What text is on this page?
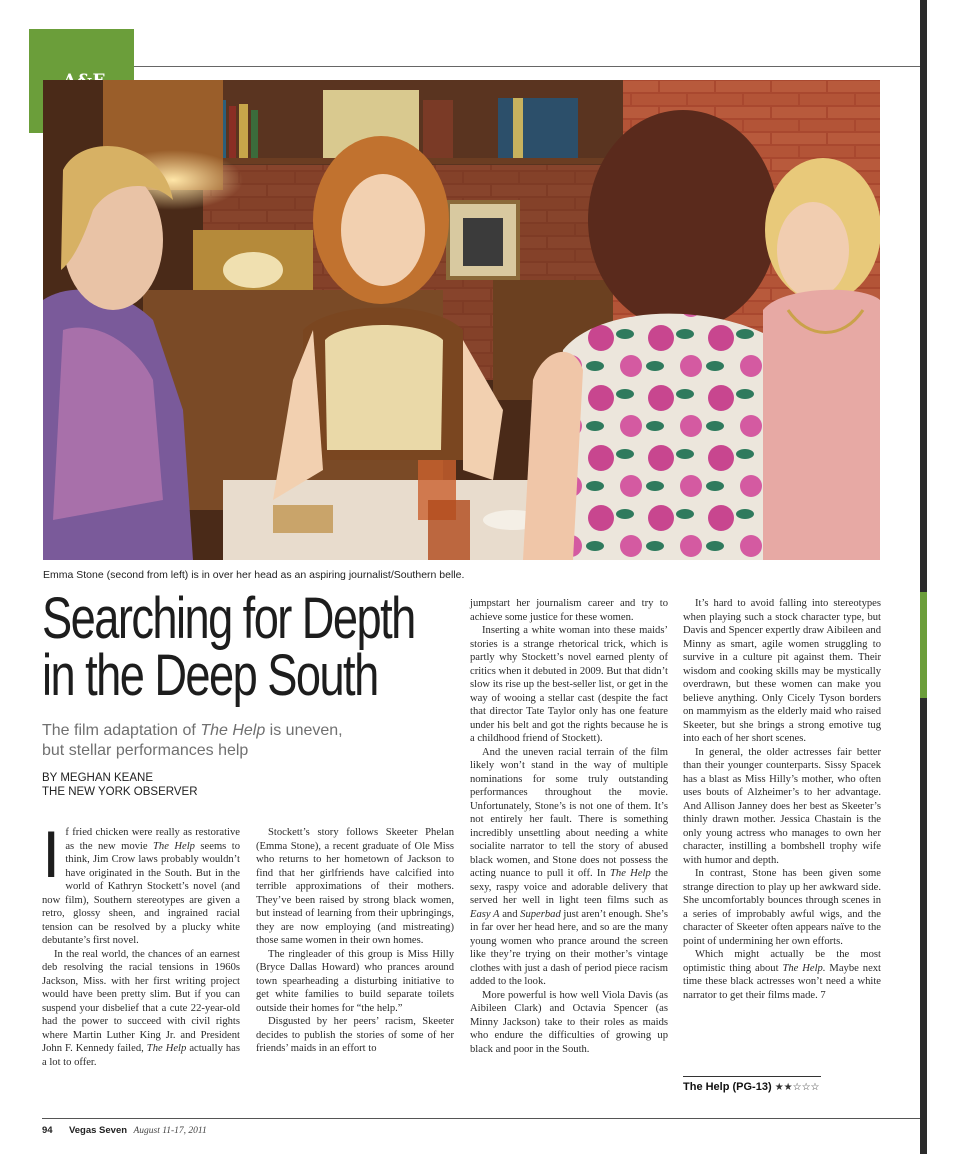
Emma Stone (second from left) is in over her head as an aspiring journalist/Southern belle.
Searching for Depth
in the Deep South
The film adaptation of The Help is uneven,
but stellar performances help
BY MEGHAN KEANE
THE NEW YORK OBSERVER

If fried chicken were really as restorative as the new movie The Help seems to think, Jim Crow laws probably wouldn’t have originated in the South. But in the world of Kathryn Stockett’s novel (and now film), Southern stereotypes are given a retro, glossy sheen, and ingrained racial tension can be resolved by a plucky white debutante’s first novel.

In the real world, the chances of an earnest deb resolving the racial tensions in 1960s Jackson, Miss. with her first writing project would have been pretty slim. But if you can suspend your disbelief that a cute 22-year-old had the power to succeed with civil rights where Martin Luther King Jr. and President John F. Kennedy failed, The Help actually has a lot to offer.

Stockett’s story follows Skeeter Phelan (Emma Stone), a recent graduate of Ole Miss who returns to her hometown of Jackson to find that her girlfriends have calcified into terrible approximations of their mothers. They’ve been raised by strong black women, but instead of learning from their upbringings, they are now employing (and mistreating) those same women in their own homes.

The ringleader of this group is Miss Hilly (Bryce Dallas Howard) who prances around town spearheading a disturbing initiative to get white families to build separate toilets outside their homes for “the help.”

Disgusted by her peers’ racism, Skeeter decides to publish the stories of some of her friends’ maids in an effort to

jumpstart her journalism career and try to achieve some justice for these women.

Inserting a white woman into these maids’ stories is a strange rhetorical trick, which is partly why Stockett’s novel earned plenty of critics when it debuted in 2009. But that didn’t slow its rise up the best-seller list, or get in the way of wooing a stellar cast (despite the fact that director Tate Taylor only has one feature under his belt and got the rights because he is a childhood friend of Stockett).

And the uneven racial terrain of the film likely won’t stand in the way of multiple nominations for some truly outstanding performances throughout the movie. Unfortunately, Stone’s is not one of them. It’s not entirely her fault. There is something incredibly unsettling about needing a white socialite narrator to tell the story of abused black women, and Stone does not possess the acting nuance to pull it off. In The Help the sexy, raspy voice and adorable delivery that served her well in light teen films such as Easy A and Superbad just aren’t enough. She’s in far over her head here, and so are the many young women who prance around the screen like they’re trying on their mother’s vintage clothes with just a dash of period piece racism added to the look.

More powerful is how well Viola Davis (as Aibileen Clark) and Octavia Spencer (as Minny Jackson) take to their roles as maids who endure the difficulties of growing up black and poor in the South.

It’s hard to avoid falling into stereotypes when playing such a stock character type, but Davis and Spencer expertly draw Aibileen and Minny as smart, agile women struggling to survive in a culture pit against them. Their wisdom and cooking skills may be mystically overdrawn, but these women can make you believe anything. Only Cicely Tyson borders on mammyism as the elderly maid who raised Skeeter, but she brings a strong emotive tug into each of her short scenes.

In general, the older actresses fair better than their younger counterparts. Sissy Spacek has a blast as Miss Hilly’s mother, who often uses bouts of Alzheimer’s to her advantage. And Allison Janney does her best as Skeeter’s thinly drawn mother. Jessica Chastain is the only young actress who manages to own her character, instilling a bombshell trophy wife with humor and depth.

In contrast, Stone has been given some strange direction to play up her awkward side. She uncomfortably bounces through scenes in a series of improbably awful wigs, and the character of Skeeter often appears naïve to the point of undermining her own efforts.

Which might actually be the most optimistic thing about The Help. Maybe next time these black actresses won’t need a white narrator to get their films made. 7

The Help (PG-13) ★★☆☆☆
94 Vegas Seven August 11-17, 2011
